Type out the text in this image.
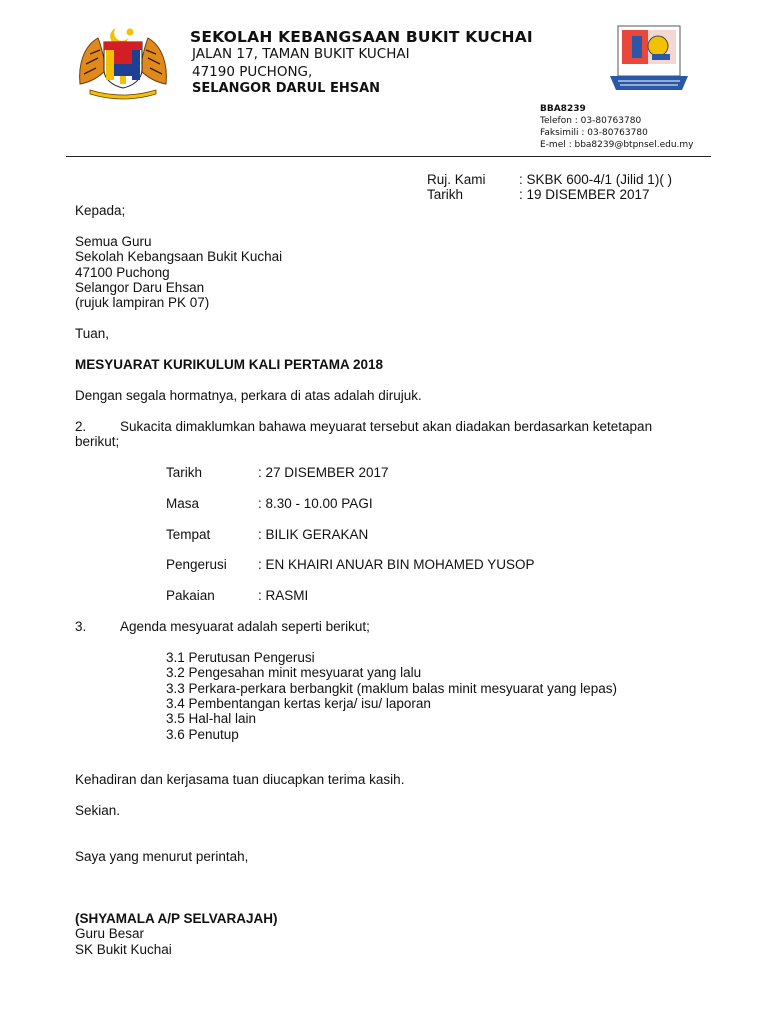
SEKOLAH KEBANGSAAN BUKIT KUCHAI
JALAN 17, TAMAN BUKIT KUCHAI
47190 PUCHONG,
SELANGOR DARUL EHSAN
BBA8239
Telefon : 03-80763780
Faksimili : 03-80763780
E-mel : bba8239@btpnsel.edu.my
Ruj. Kami : SKBK 600-4/1 (Jilid 1)( )
Tarikh	: 19 DISEMBER 2017
Kepada;
Semua Guru
Sekolah Kebangsaan Bukit Kuchai
47100 Puchong
Selangor Daru Ehsan
(rujuk lampiran PK 07)
Tuan,
MESYUARAT KURIKULUM KALI PERTAMA 2018
Dengan segala hormatnya, perkara di atas adalah dirujuk.
2. Sukacita dimaklumkan bahawa meyuarat tersebut akan diadakan berdasarkan ketetapan
berikut;
Tarikh	: 27 DISEMBER 2017
Masa	: 8.30 - 10.00 PAGI
Tempat	: BILIK GERAKAN
Pengerusi : EN KHAIRI ANUAR BIN MOHAMED YUSOP
Pakaian	: RASMI
3. Agenda mesyuarat adalah seperti berikut;
3.1 Perutusan Pengerusi
3.2 Pengesahan minit mesyuarat yang lalu
3.3 Perkara-perkara berbangkit (maklum balas minit mesyuarat yang lepas)
3.4 Pembentangan kertas kerja/ isu/ laporan
3.5 Hal-hal lain
3.6 Penutup
Kehadiran dan kerjasama tuan diucapkan terima kasih.
Sekian.
Saya yang menurut perintah,
(SHYAMALA A/P SELVARAJAH)
Guru Besar
SK Bukit Kuchai
